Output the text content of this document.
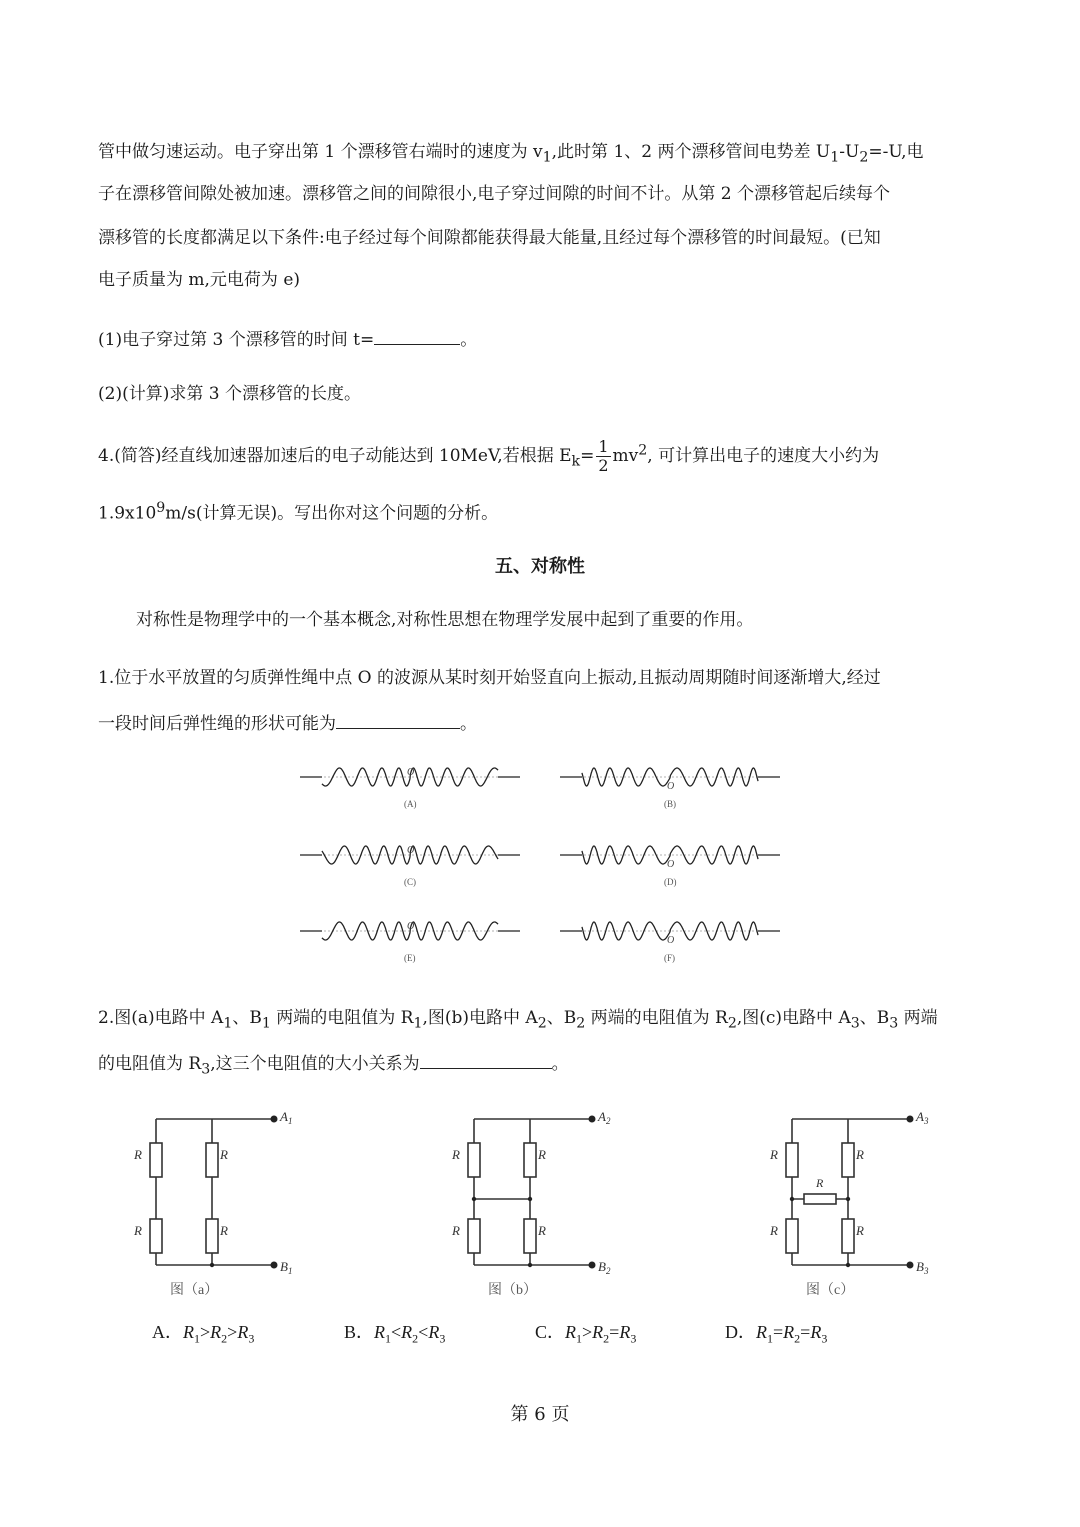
管中做匀速运动。电子穿出第 1 个漂移管右端时的速度为 $v_1$,此时第 1、2 两个漂移管间电势差 $U_1-U_2=-U$,电
子在漂移管间隙处被加速。漂移管之间的间隙很小,电子穿过间隙的时间不计。从第 2 个漂移管起后续每个
漂移管的长度都满足以下条件:电子经过每个间隙都能获得最大能量,且经过每个漂移管的时间最短。(已知
电子质量为 m,元电荷为 e)
(1)电子穿过第 3 个漂移管的时间 t=	。
(2)(计算)求第 3 个漂移管的长度。
4.(简答)经直线加速器加速后的电子动能达到 10MeV,若根据 $E_k= \frac{1}{2} mv^2$, 可计算出电子的速度大小约为
$1.9x10^9m/s$(计算无误)。写出你对这个问题的分析。
五、对称性
对称性是物理学中的一个基本概念,对称性思想在物理学发展中起到了重要的作用。
1.位于水平放置的匀质弹性绳中点 O 的波源从某时刻开始竖直向上振动,且振动周期随时间逐渐增大,经过
一段时间后弹性绳的形状可能为	。
O
(A)
O
(B)
O
(C)
O
(D)
O
(E)
O
(F)
2.图(a)电路中 $A_1$、$B_1$ 两端的电阻值为 $R_1$,图(b)电路中 $A_2$、$B_2$ 两端的电阻值为 $R_2$,图(c)电路中 $A_3$、$B_3$ 两端
的电阻值为 $R_3$,这三个电阻值的大小关系为	。
$A_1$
$B_1$
R	R
R	R
图（a）
$A_2$
$B_2$
R	R
R	R
图（b）
$A_3$
$B_3$
R	R
R	R
R
图（c）
A．$R_1>R_2>R_3$	B．$R_1<R_2<R_3$	C．$R_1>R_2=R_3$	D．$R_1=R_2=R_3$
第 6 页
